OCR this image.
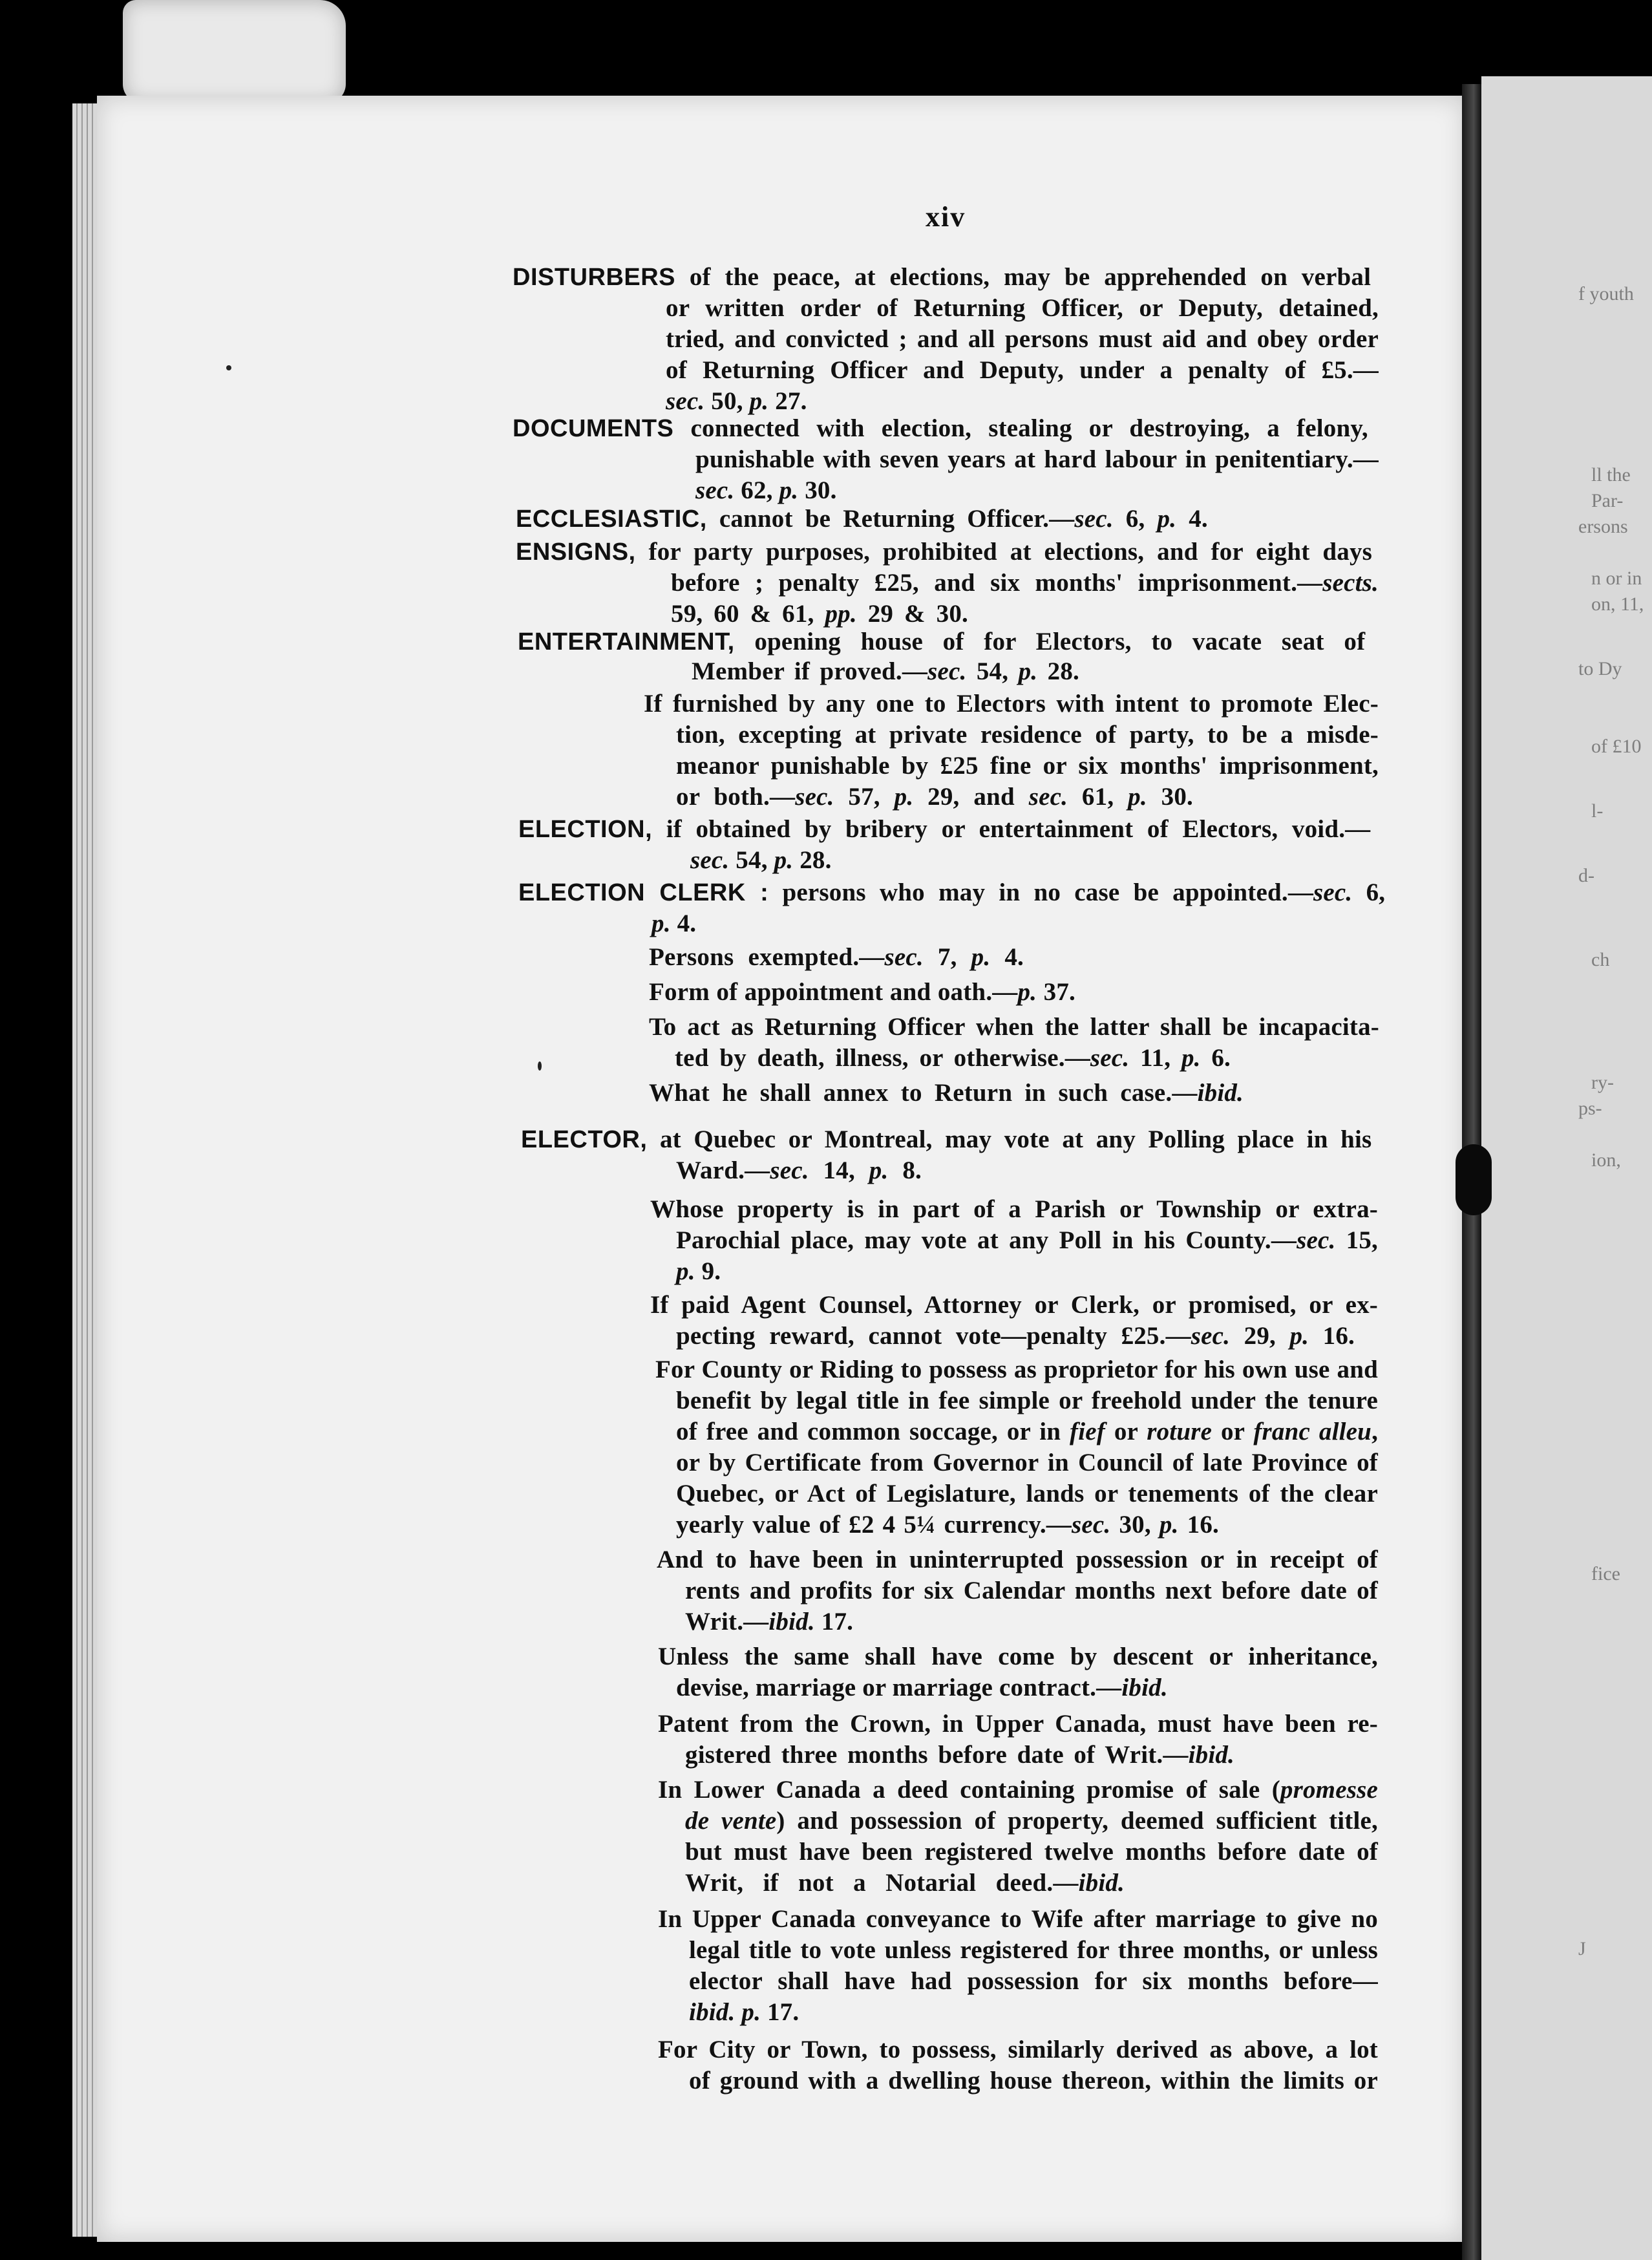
f youth
ll the
Par-
ersons
n or in
on, 11,
to Dy
of £10
l-
d-
ch
ry-
ps-
ion,
fice
J
xiv
DISTURBERS of the peace, at elections, may be apprehended on verbal
or written order of Returning Officer, or Deputy, detained,
tried, and convicted ; and all persons must aid and obey order
of Returning Officer and Deputy, under a penalty of £5.—
sec. 50, p. 27.
DOCUMENTS connected with election, stealing or destroying, a felony,
punishable with seven years at hard labour in penitentiary.—
sec. 62, p. 30.
ECCLESIASTIC, cannot be Returning Officer.—sec. 6, p. 4.
ENSIGNS, for party purposes, prohibited at elections, and for eight days
before ; penalty £25, and six months' imprisonment.—sects.
59, 60 & 61, pp. 29 & 30.
ENTERTAINMENT, opening house of for Electors, to vacate seat of
Member if proved.—sec. 54, p. 28.
If furnished by any one to Electors with intent to promote Elec-
tion, excepting at private residence of party, to be a misde-
meanor punishable by £25 fine or six months' imprisonment,
or both.—sec. 57, p. 29, and sec. 61, p. 30.
ELECTION, if obtained by bribery or entertainment of Electors, void.—
sec. 54, p. 28.
ELECTION CLERK : persons who may in no case be appointed.—sec. 6,
p. 4.
Persons exempted.—sec. 7, p. 4.
Form of appointment and oath.—p. 37.
To act as Returning Officer when the latter shall be incapacita-
ted by death, illness, or otherwise.—sec. 11, p. 6.
What he shall annex to Return in such case.—ibid.
ELECTOR, at Quebec or Montreal, may vote at any Polling place in his
Ward.—sec. 14, p. 8.
Whose property is in part of a Parish or Township or extra-
Parochial place, may vote at any Poll in his County.—sec. 15,
p. 9.
If paid Agent Counsel, Attorney or Clerk, or promised, or ex-
pecting reward, cannot vote—penalty £25.—sec. 29, p. 16.
For County or Riding to possess as proprietor for his own use and
benefit by legal title in fee simple or freehold under the tenure
of free and common soccage, or in fief or roture or franc alleu,
or by Certificate from Governor in Council of late Province of
Quebec, or Act of Legislature, lands or tenements of the clear
yearly value of £2 4 5¼ currency.—sec. 30, p. 16.
And to have been in uninterrupted possession or in receipt of
rents and profits for six Calendar months next before date of
Writ.—ibid. 17.
Unless the same shall have come by descent or inheritance,
devise, marriage or marriage contract.—ibid.
Patent from the Crown, in Upper Canada, must have been re-
gistered three months before date of Writ.—ibid.
In Lower Canada a deed containing promise of sale (promesse
de vente) and possession of property, deemed sufficient title,
but must have been registered twelve months before date of
Writ, if not a Notarial deed.—ibid.
In Upper Canada conveyance to Wife after marriage to give no
legal title to vote unless registered for three months, or unless
elector shall have had possession for six months before—
ibid. p. 17.
For City or Town, to possess, similarly derived as above, a lot
of ground with a dwelling house thereon, within the limits or
